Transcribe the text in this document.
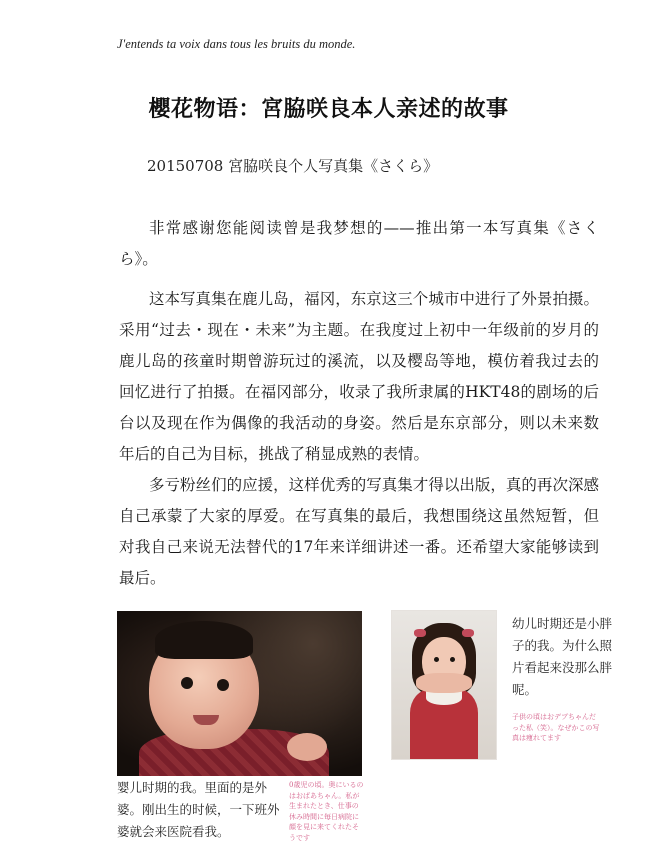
J'entends ta voix dans tous les bruits du monde.
櫻花物语：宮脇咲良本人亲述的故事
20150708 宮脇咲良个人写真集《さくら》

非常感谢您能阅读曾是我梦想的——推出第一本写真集《さくら》。

这本写真集在鹿儿岛，福冈，东京这三个城市中进行了外景拍摄。采用“过去・现在・未来”为主题。在我度过上初中一年级前的岁月的鹿儿岛的孩童时期曾游玩过的溪流，以及樱岛等地，模仿着我过去的回忆进行了拍摄。在福冈部分，收录了我所隶属的HKT48的剧场的后台以及现在作为偶像的我活动的身姿。然后是东京部分，则以未来数年后的自己为目标，挑战了稍显成熟的表情。

多亏粉丝们的应援，这样优秀的写真集才得以出版，真的再次深感自己承蒙了大家的厚爱。在写真集的最后，我想围绕这虽然短暂，但对我自己来说无法替代的17年来详细讲述一番。还希望大家能够读到最后。

婴儿时期的我。里面的是外婆。刚出生的时候，一下班外婆就会来医院看我。
0歳児の頃。奥にいるのはおばあちゃん。私が生まれたとき、仕事の休み時間に毎日病院に顔を見に来てくれたそうです
幼儿时期还是小胖子的我。为什么照片看起来没那么胖呢。
子供の頃はおデブちゃんだった私（笑）。なぜかこの写真は痩れてます
